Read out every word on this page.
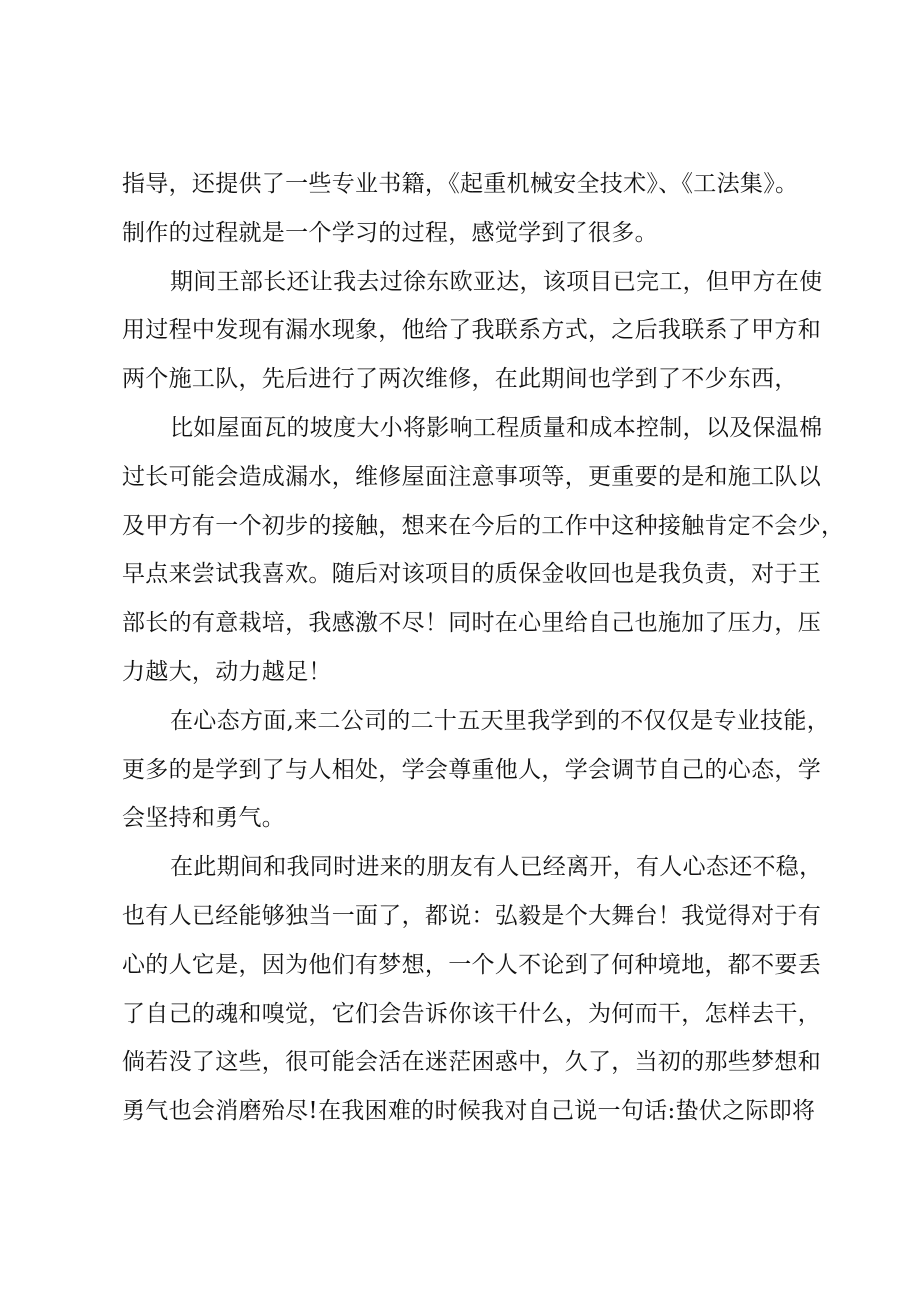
指导，还提供了一些专业书籍，《起重机械安全技术》、《工法集》。
制作的过程就是一个学习的过程，感觉学到了很多。
期间王部长还让我去过徐东欧亚达，该项目已完工，但甲方在使
用过程中发现有漏水现象，他给了我联系方式，之后我联系了甲方和
两个施工队，先后进行了两次维修，在此期间也学到了不少东西，
比如屋面瓦的坡度大小将影响工程质量和成本控制，以及保温棉
过长可能会造成漏水，维修屋面注意事项等，更重要的是和施工队以
及甲方有一个初步的接触，想来在今后的工作中这种接触肯定不会少，
早点来尝试我喜欢。随后对该项目的质保金收回也是我负责，对于王
部长的有意栽培，我感激不尽！同时在心里给自己也施加了压力，压
力越大，动力越足！
在心态方面,来二公司的二十五天里我学到的不仅仅是专业技能，
更多的是学到了与人相处，学会尊重他人，学会调节自己的心态，学
会坚持和勇气。
在此期间和我同时进来的朋友有人已经离开，有人心态还不稳，
也有人已经能够独当一面了，都说：弘毅是个大舞台！我觉得对于有
心的人它是，因为他们有梦想，一个人不论到了何种境地，都不要丢
了自己的魂和嗅觉，它们会告诉你该干什么，为何而干，怎样去干，
倘若没了这些，很可能会活在迷茫困惑中，久了，当初的那些梦想和
勇气也会消磨殆尽!在我困难的时候我对自己说一句话:蛰伏之际即将
